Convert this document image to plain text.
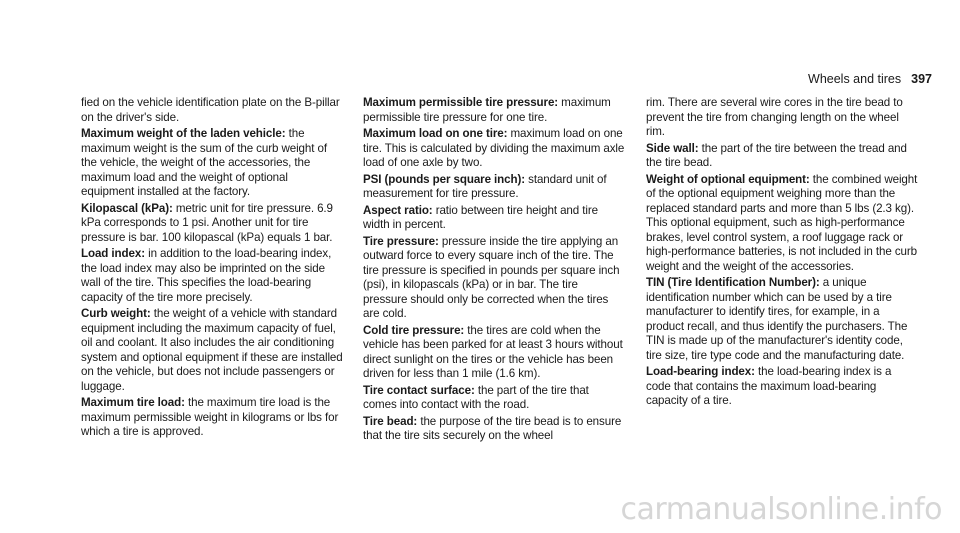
Wheels and tires 397

fied on the vehicle identification plate on the B-pillar on the driver's side.

Maximum weight of the laden vehicle: the maximum weight is the sum of the curb weight of the vehicle, the weight of the accessories, the maximum load and the weight of optional equipment installed at the factory.

Kilopascal (kPa): metric unit for tire pressure. 6.9 kPa corresponds to 1 psi. Another unit for tire pressure is bar. 100 kilopascal (kPa) equals 1 bar.

Load index: in addition to the load-bearing index, the load index may also be imprinted on the side wall of the tire. This specifies the load-bearing capacity of the tire more precisely.

Curb weight: the weight of a vehicle with standard equipment including the maximum capacity of fuel, oil and coolant. It also includes the air conditioning system and optional equipment if these are installed on the vehicle, but does not include passengers or luggage.

Maximum tire load: the maximum tire load is the maximum permissible weight in kilograms or lbs for which a tire is approved.

Maximum permissible tire pressure: maximum permissible tire pressure for one tire.

Maximum load on one tire: maximum load on one tire. This is calculated by dividing the maximum axle load of one axle by two.

PSI (pounds per square inch): standard unit of measurement for tire pressure.

Aspect ratio: ratio between tire height and tire width in percent.

Tire pressure: pressure inside the tire applying an outward force to every square inch of the tire. The tire pressure is specified in pounds per square inch (psi), in kilopascals (kPa) or in bar. The tire pressure should only be corrected when the tires are cold.

Cold tire pressure: the tires are cold when the vehicle has been parked for at least 3 hours without direct sunlight on the tires or the vehicle has been driven for less than 1 mile (1.6 km).

Tire contact surface: the part of the tire that comes into contact with the road.

Tire bead: the purpose of the tire bead is to ensure that the tire sits securely on the wheel

rim. There are several wire cores in the tire bead to prevent the tire from changing length on the wheel rim.

Side wall: the part of the tire between the tread and the tire bead.

Weight of optional equipment: the combined weight of the optional equipment weighing more than the replaced standard parts and more than 5 lbs (2.3 kg). This optional equipment, such as high-performance brakes, level control system, a roof luggage rack or high-performance batteries, is not included in the curb weight and the weight of the accessories.

TIN (Tire Identification Number): a unique identification number which can be used by a tire manufacturer to identify tires, for example, in a product recall, and thus identify the purchasers. The TIN is made up of the manufacturer's identity code, tire size, tire type code and the manufacturing date.

Load-bearing index: the load-bearing index is a code that contains the maximum load-bearing capacity of a tire.

carmanualsonline.info
